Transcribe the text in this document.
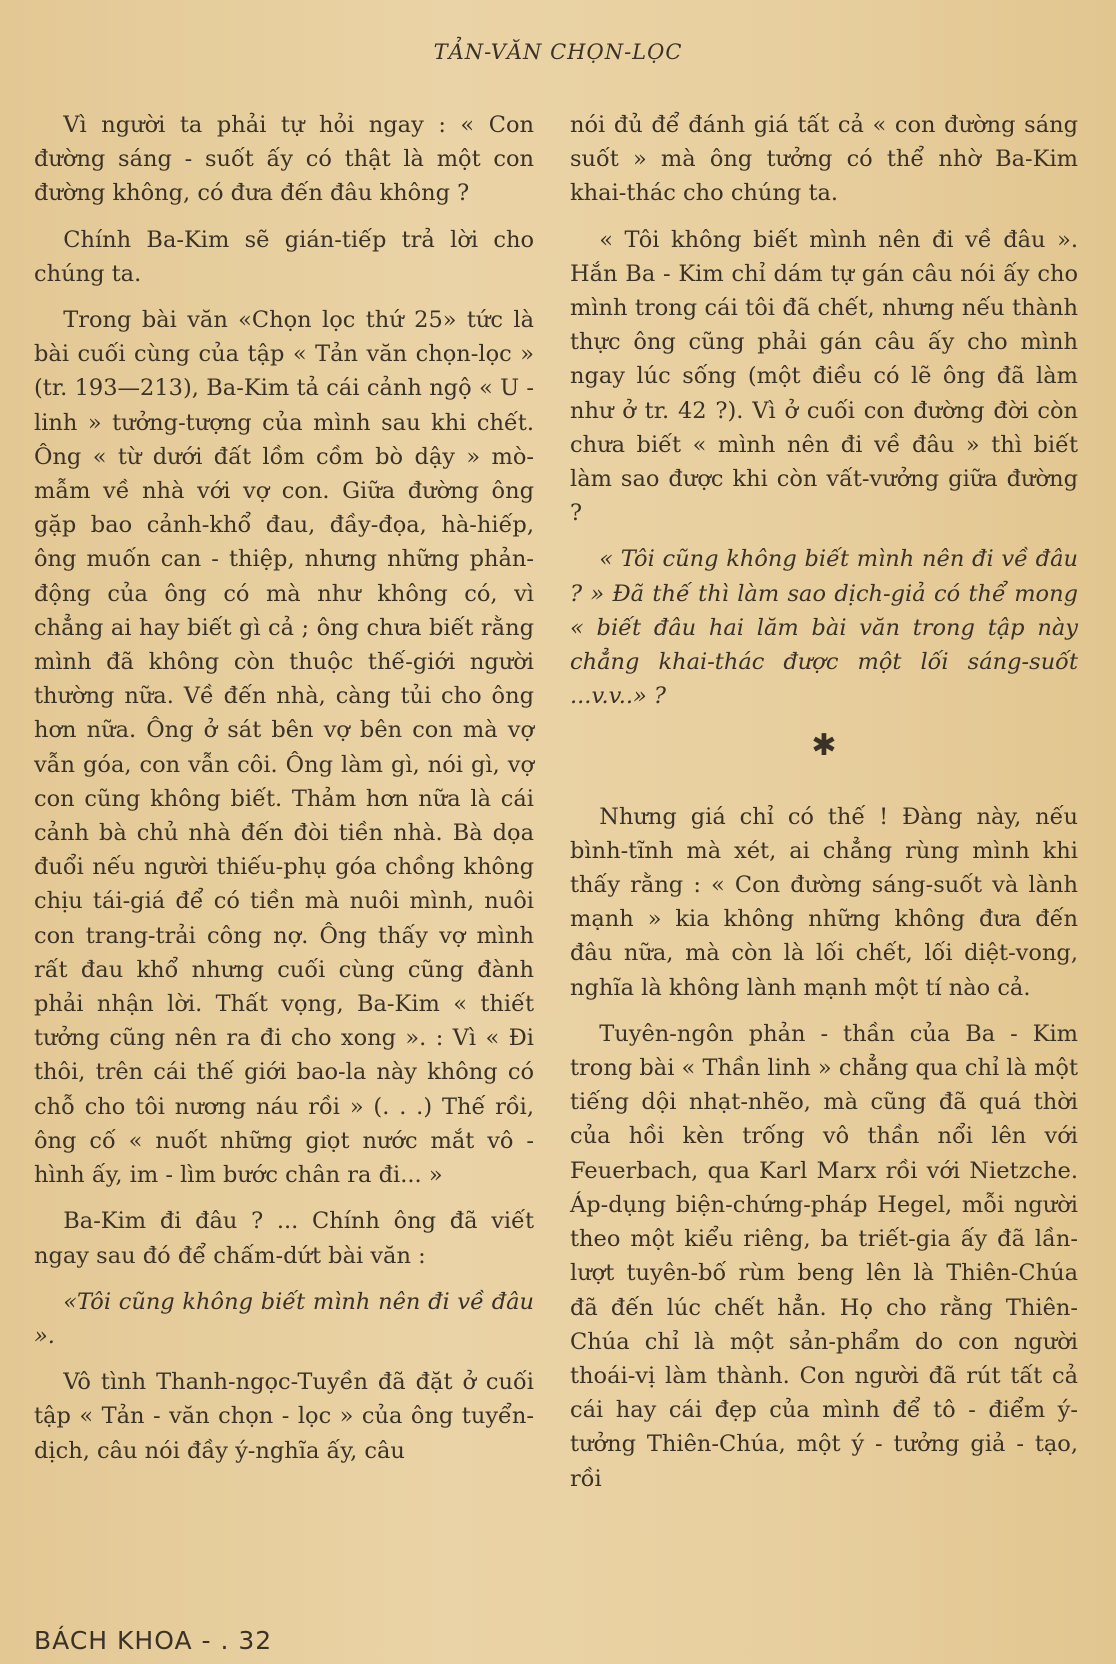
TẢN-VĂN CHỌN-LỌC

Vì người ta phải tự hỏi ngay : « Con đường sáng - suốt ấy có thật là một con đường không, có đưa đến đâu không ?

Chính Ba-Kim sẽ gián-tiếp trả lời cho chúng ta.

Trong bài văn «Chọn lọc thứ 25» tức là bài cuối cùng của tập « Tản văn chọn-lọc » (tr. 193—213), Ba-Kim tả cái cảnh ngộ « U - linh » tưởng-tượng của mình sau khi chết. Ông « từ dưới đất lồm cồm bò dậy » mò-mẫm về nhà với vợ con. Giữa đường ông gặp bao cảnh-khổ đau, đầy-đọa, hà-hiếp, ông muốn can - thiệp, nhưng những phản-động của ông có mà như không có, vì chẳng ai hay biết gì cả ; ông chưa biết rằng mình đã không còn thuộc thế-giới người thường nữa. Về đến nhà, càng tủi cho ông hơn nữa. Ông ở sát bên vợ bên con mà vợ vẫn góa, con vẫn côi. Ông làm gì, nói gì, vợ con cũng không biết. Thảm hơn nữa là cái cảnh bà chủ nhà đến đòi tiền nhà. Bà dọa đuổi nếu người thiếu-phụ góa chồng không chịu tái-giá để có tiền mà nuôi mình, nuôi con trang-trải công nợ. Ông thấy vợ mình rất đau khổ nhưng cuối cùng cũng đành phải nhận lời. Thất vọng, Ba-Kim « thiết tưởng cũng nên ra đi cho xong ». : Vì « Đi thôi, trên cái thế giới bao-la này không có chỗ cho tôi nương náu rồi » (. . .) Thế rồi, ông cố « nuốt những giọt nước mắt vô - hình ấy, im - lìm bước chân ra đi... »

Ba-Kim đi đâu ? ... Chính ông đã viết ngay sau đó để chấm-dứt bài văn :

«Tôi cũng không biết mình nên đi về đâu ».

Vô tình Thanh-ngọc-Tuyền đã đặt ở cuối tập « Tản - văn chọn - lọc » của ông tuyển-dịch, câu nói đầy ý-nghĩa ấy, câu

nói đủ để đánh giá tất cả « con đường sáng suốt » mà ông tưởng có thể nhờ Ba-Kim khai-thác cho chúng ta.

« Tôi không biết mình nên đi về đâu ». Hắn Ba - Kim chỉ dám tự gán câu nói ấy cho mình trong cái tôi đã chết, nhưng nếu thành thực ông cũng phải gán câu ấy cho mình ngay lúc sống (một điều có lẽ ông đã làm như ở tr. 42 ?). Vì ở cuối con đường đời còn chưa biết « mình nên đi về đâu » thì biết làm sao được khi còn vất-vưởng giữa đường ?

« Tôi cũng không biết mình nên đi về đâu ? » Đã thế thì làm sao dịch-giả có thể mong « biết đâu hai lăm bài văn trong tập này chẳng khai-thác được một lối sáng-suốt ...v.v..» ?

✱

Nhưng giá chỉ có thế ! Đàng này, nếu bình-tĩnh mà xét, ai chẳng rùng mình khi thấy rằng : « Con đường sáng-suốt và lành mạnh » kia không những không đưa đến đâu nữa, mà còn là lối chết, lối diệt-vong, nghĩa là không lành mạnh một tí nào cả.

Tuyên-ngôn phản - thần của Ba - Kim trong bài « Thần linh » chẳng qua chỉ là một tiếng dội nhạt-nhẽo, mà cũng đã quá thời của hồi kèn trống vô thần nổi lên với Feuerbach, qua Karl Marx rồi với Nietzche. Áp-dụng biện-chứng-pháp Hegel, mỗi người theo một kiểu riêng, ba triết-gia ấy đã lần-lượt tuyên-bố rùm beng lên là Thiên-Chúa đã đến lúc chết hẳn. Họ cho rằng Thiên-Chúa chỉ là một sản-phẩm do con người thoái-vị làm thành. Con người đã rút tất cả cái hay cái đẹp của mình để tô - điểm ý-tưởng Thiên-Chúa, một ý - tưởng giả - tạo, rồi

BÁCH KHOA - . 32
